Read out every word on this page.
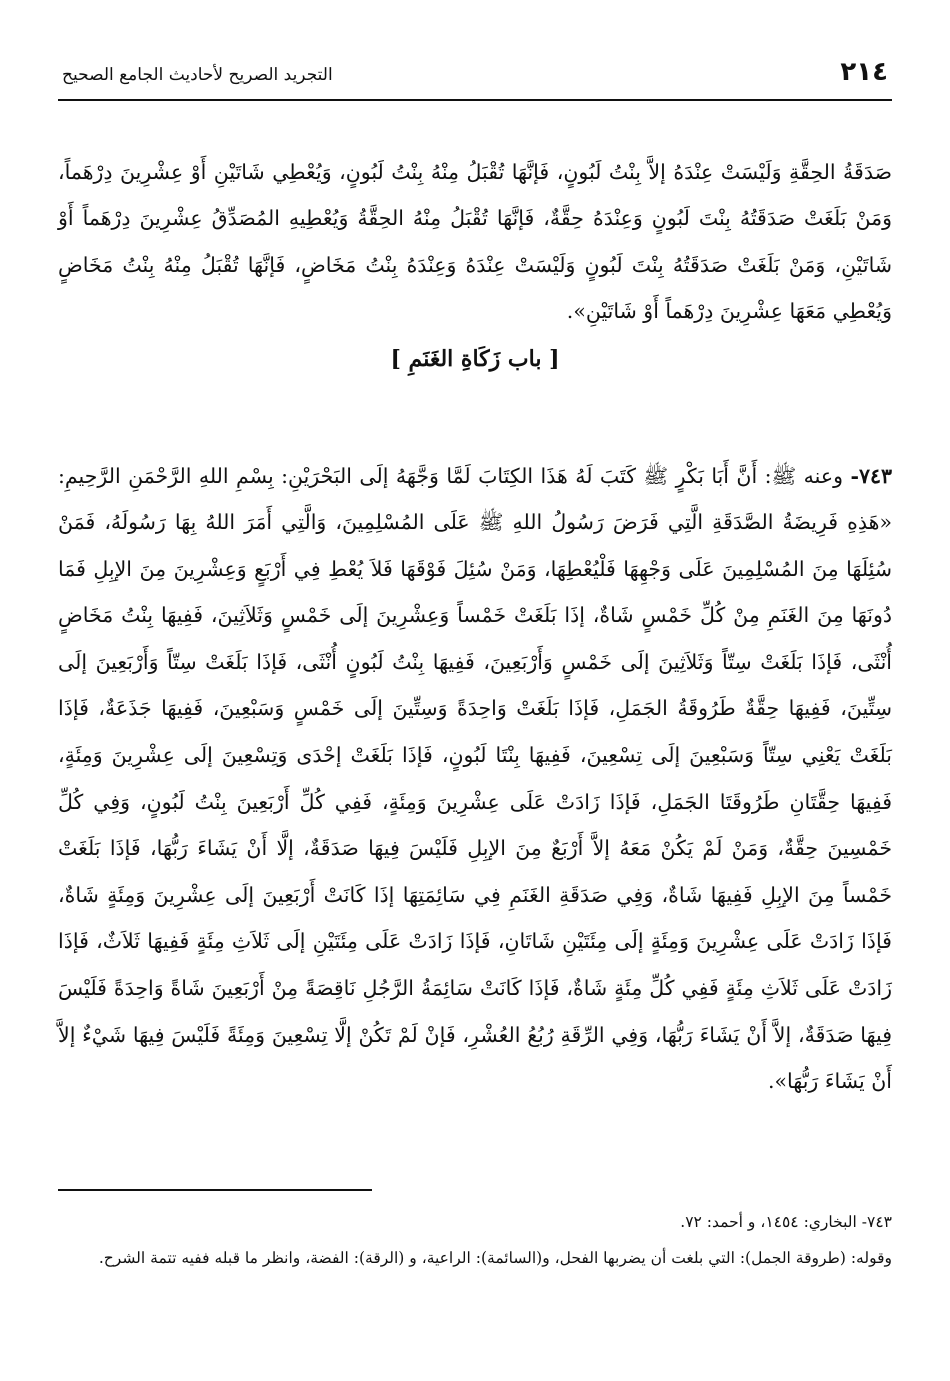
٢١٤
التجريد الصريح لأحاديث الجامع الصحيح

صَدَقَةُ الحِقَّةِ وَلَيْسَتْ عِنْدَهُ إلاَّ بِنْتُ لَبُونٍ، فَإنَّهَا تُقْبَلُ مِنْهُ بِنْتُ لَبُونٍ، وَيُعْطِي شَاتَيْنِ أَوْ عِشْرِينَ دِرْهَماً، وَمَنْ بَلَغَتْ صَدَقَتُهُ بِنْتَ لَبُونٍ وَعِنْدَهُ حِقَّةٌ، فَإنَّهَا تُقْبَلُ مِنْهُ الحِقَّةُ وَيُعْطِيهِ المُصَدِّقُ عِشْرِينَ دِرْهَماً أَوْ شَاتَيْنِ، وَمَنْ بَلَغَتْ صَدَقَتُهُ بِنْتَ لَبُونٍ وَلَيْسَتْ عِنْدَهُ وَعِنْدَهُ بِنْتُ مَخَاضٍ، فَإنَّهَا تُقْبَلُ مِنْهُ بِنْتُ مَخَاضٍ وَيُعْطِي مَعَهَا عِشْرِينَ دِرْهَماً أَوْ شَاتَيْنِ».

[ باب زَكَاةِ الغَنَمِ ]

٧٤٣- وعنه ﷺ: أَنَّ أَبَا بَكْرٍ ﷺ كَتَبَ لَهُ هَذَا الكِتَابَ لَمَّا وَجَّهَهُ إلَى البَحْرَيْنِ: بِسْمِ اللهِ الرَّحْمَنِ الرَّحِيمِ: «هَذِهِ فَرِيضَةُ الصَّدَقَةِ الَّتِي فَرَضَ رَسُولُ اللهِ ﷺ عَلَى المُسْلِمِينَ، وَالَّتِي أَمَرَ اللهُ بِهَا رَسُولَهُ، فَمَنْ سُئِلَهَا مِنَ المُسْلِمِينَ عَلَى وَجْهِهَا فَلْيُعْطِهَا، وَمَنْ سُئِلَ فَوْقَهَا فَلاَ يُعْطِ فِي أَرْبَعٍ وَعِشْرِينَ مِنَ الإبِلِ فَمَا دُونَهَا مِنَ الغَنَمِ مِنْ كُلِّ خَمْسٍ شَاةٌ، إذَا بَلَغَتْ خَمْساً وَعِشْرِينَ إلَى خَمْسٍ وَثَلاَثِينَ، فَفِيهَا بِنْتُ مَخَاضٍ أُنْثَى، فَإذَا بَلَغَتْ سِتّاً وَثَلاَثِينَ إلَى خَمْسٍ وَأَرْبَعِينَ، فَفِيهَا بِنْتُ لَبُونٍ أُنْثَى، فَإذَا بَلَغَتْ سِتّاً وَأَرْبَعِينَ إلَى سِتِّينَ، فَفِيهَا حِقَّةٌ طَرُوقَةُ الجَمَلِ، فَإذَا بَلَغَتْ وَاحِدَةً وَسِتِّينَ إلَى خَمْسٍ وَسَبْعِينَ، فَفِيهَا جَذَعَةٌ، فَإذَا بَلَغَتْ يَعْنِي سِتّاً وَسَبْعِينَ إلَى تِسْعِينَ، فَفِيهَا بِنْتَا لَبُونٍ، فَإذَا بَلَغَتْ إحْدَى وَتِسْعِينَ إلَى عِشْرِينَ وَمِئَةٍ، فَفِيهَا حِقَّتَانِ طَرُوقَتَا الجَمَلِ، فَإذَا زَادَتْ عَلَى عِشْرِينَ وَمِئَةٍ، فَفِي كُلِّ أَرْبَعِينَ بِنْتُ لَبُونٍ، وَفِي كُلِّ خَمْسِينَ حِقَّةٌ، وَمَنْ لَمْ يَكُنْ مَعَهُ إلاَّ أَرْبَعٌ مِنَ الإبِلِ فَلَيْسَ فِيهَا صَدَقَةٌ، إلَّا أَنْ يَشَاءَ رَبُّهَا، فَإذَا بَلَغَتْ خَمْساً مِنَ الإبِلِ فَفِيهَا شَاةٌ، وَفِي صَدَقَةِ الغَنَمِ فِي سَائِمَتِهَا إذَا كَانَتْ أَرْبَعِينَ إلَى عِشْرِينَ وَمِئَةٍ شَاةٌ، فَإذَا زَادَتْ عَلَى عِشْرِينَ وَمِئَةٍ إلَى مِئَتَيْنِ شَاتَانِ، فَإذَا زَادَتْ عَلَى مِئَتَيْنِ إلَى ثَلاَثِ مِئَةٍ فَفِيهَا ثَلاَثٌ، فَإذَا زَادَتْ عَلَى ثَلاَثِ مِئَةٍ فَفِي كُلِّ مِئَةٍ شَاةٌ، فَإذَا كَانَتْ سَائِمَةُ الرَّجُلِ نَاقِصَةً مِنْ أَرْبَعِينَ شَاةً وَاحِدَةً فَلَيْسَ فِيهَا صَدَقَةٌ، إلاَّ أَنْ يَشَاءَ رَبُّهَا، وَفِي الرِّقَةِ رُبُعُ العُشْرِ، فَإنْ لَمْ تَكُنْ إلَّا تِسْعِينَ وَمِئَةً فَلَيْسَ فِيهَا شَيْءٌ إلاَّ أَنْ يَشَاءَ رَبُّهَا».

٧٤٣- البخاري: ١٤٥٤، و أحمد: ٧٢.

وقوله: (طروقة الجمل): التي بلغت أن يضربها الفحل، و(السائمة): الراعية، و (الرقة): الفضة، وانظر ما قبله ففيه تتمة الشرح.
